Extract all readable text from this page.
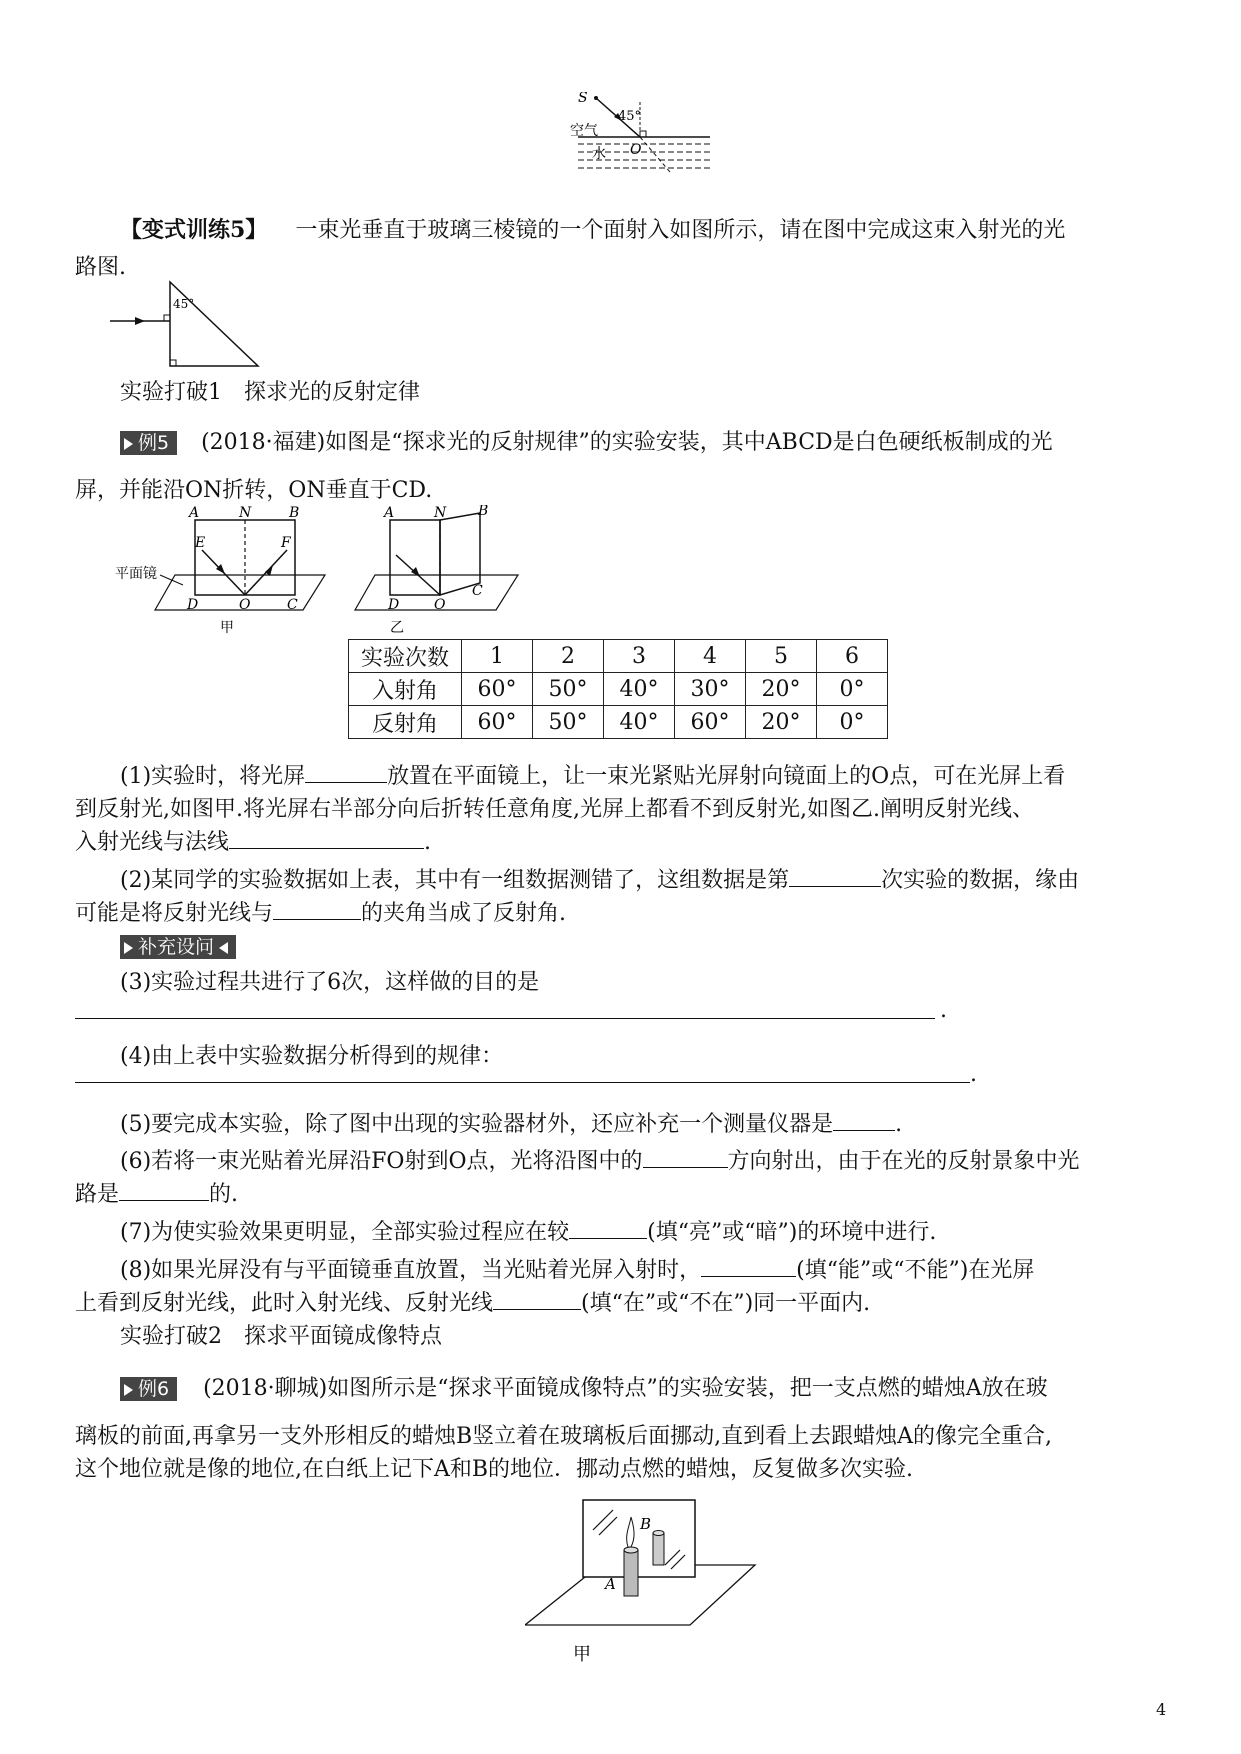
S
45°
空气
水 O
【变式训练5】 一束光垂直于玻璃三棱镜的一个面射入如图所示，请在图中完成这束入射光的光
路图.
45°
实验打破1　探求光的反射定律
例5 (2018·福建)如图是“探求光的反射规律”的实验安装，其中ABCD是白色硬纸板制成的光
屏，并能沿ON折转，ON垂直于CD.
A	N	B
E	F
D	O	C
平面镜
甲
A	N B
D O
C
乙
实验次数	1	2	3	4	5	6
入射角	60°	50°	40°	30°	20°	0°
反射角	60°	50°	40°	60°	20°	0°
(1)实验时，将光屏	放置在平面镜上，让一束光紧贴光屏射向镜面上的O点，可在光屏上看
到反射光,如图甲.将光屏右半部分向后折转任意角度,光屏上都看不到反射光,如图乙.阐明反射光线、
入射光线与法线	.
(2)某同学的实验数据如上表，其中有一组数据测错了，这组数据是第	次实验的数据，缘由
可能是将反射光线与	的夹角当成了反射角.
补充设问
(3)实验过程共进行了6次，这样做的目的是
.
(4)由上表中实验数据分析得到的规律：
.
(5)要完成本实验，除了图中出现的实验器材外，还应补充一个测量仪器是	.
(6)若将一束光贴着光屏沿FO射到O点，光将沿图中的	方向射出，由于在光的反射景象中光
路是	的.
(7)为使实验效果更明显，全部实验过程应在较	(填“亮”或“暗”)的环境中进行.
(8)如果光屏没有与平面镜垂直放置，当光贴着光屏入射时，	(填“能”或“不能”)在光屏
上看到反射光线，此时入射光线、反射光线	(填“在”或“不在”)同一平面内.
实验打破2　探求平面镜成像特点
例6 (2018·聊城)如图所示是“探求平面镜成像特点”的实验安装，把一支点燃的蜡烛A放在玻
璃板的前面,再拿另一支外形相反的蜡烛B竖立着在玻璃板后面挪动,直到看上去跟蜡烛A的像完全重合,
这个地位就是像的地位,在白纸上记下A和B的地位．挪动点燃的蜡烛，反复做多次实验.
B
A
甲
4
